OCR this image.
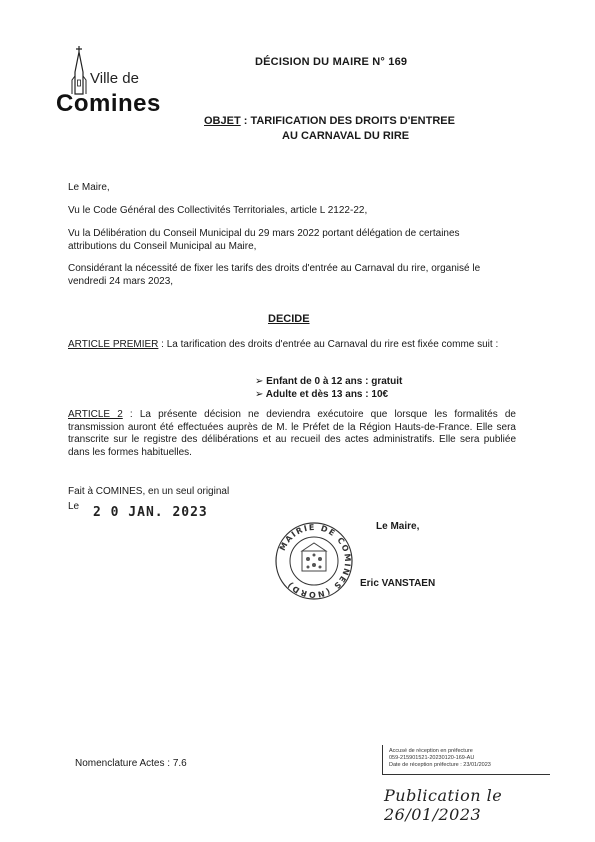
Ville de
Comines
DÉCISION DU MAIRE N° 169
OBJET : TARIFICATION DES DROITS D'ENTREE
AU CARNAVAL DU RIRE
Le Maire,
Vu le Code Général des Collectivités Territoriales, article L 2122-22,
Vu la Délibération du Conseil Municipal du 29 mars 2022 portant délégation de certaines attributions du Conseil Municipal au Maire,
Considérant la nécessité de fixer les tarifs des droits d'entrée au Carnaval du rire, organisé le vendredi 24 mars 2023,
DECIDE
ARTICLE PREMIER : La tarification des droits d'entrée au Carnaval du rire est fixée comme suit :
➢ Enfant de 0 à 12 ans : gratuit
➢ Adulte et dès 13 ans : 10€
ARTICLE 2 : La présente décision ne deviendra exécutoire que lorsque les formalités de transmission auront été effectuées auprès de M. le Préfet de la Région Hauts-de-France. Elle sera transcrite sur le registre des délibérations et au recueil des actes administratifs. Elle sera publiée dans les formes habituelles.
Fait à COMINES, en un seul original
Le 2 0 JAN. 2023
Le Maire,
Eric VANSTAEN
MAIRIE DE COMINES (NORD)
Nomenclature Actes : 7.6
Accusé de réception en préfecture
059-215901521-20230120-169-AU
Date de réception préfecture : 23/01/2023
Publication le 26/01/2023
